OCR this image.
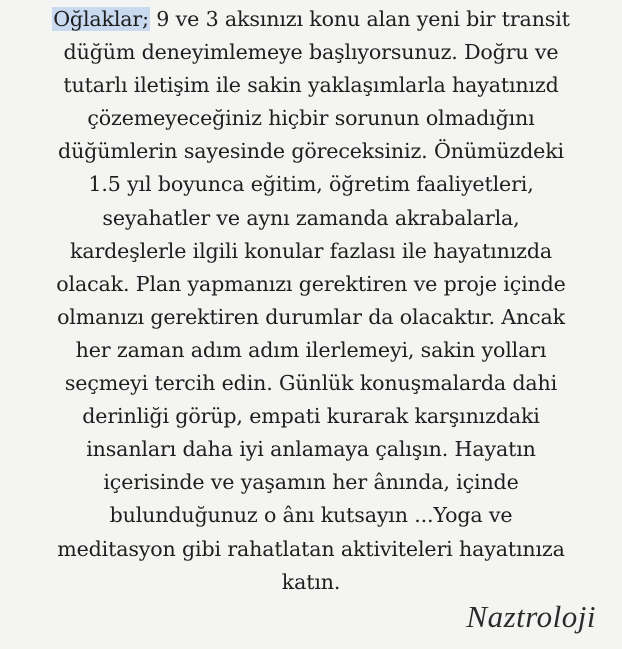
Oğlaklar; 9 ve 3 aksınızı konu alan yeni bir transit
düğüm deneyimlemeye başlıyorsunuz. Doğru ve
tutarlı iletişim ile sakin yaklaşımlarla hayatınızd
çözemeyeceğiniz hiçbir sorunun olmadığını
düğümlerin sayesinde göreceksiniz. Önümüzdeki
1.5 yıl boyunca eğitim, öğretim faaliyetleri,
seyahatler ve aynı zamanda akrabalarla,
kardeşlerle ilgili konular fazlası ile hayatınızda
olacak. Plan yapmanızı gerektiren ve proje içinde
olmanızı gerektiren durumlar da olacaktır. Ancak
her zaman adım adım ilerlemeyi, sakin yolları
seçmeyi tercih edin. Günlük konuşmalarda dahi
derinliği görüp, empati kurarak karşınızdaki
insanları daha iyi anlamaya çalışın. Hayatın
içerisinde ve yaşamın her ânında, içinde
bulunduğunuz o ânı kutsayın ...Yoga ve
meditasyon gibi rahatlatan aktiviteleri hayatınıza
katın.

Naztroloji
